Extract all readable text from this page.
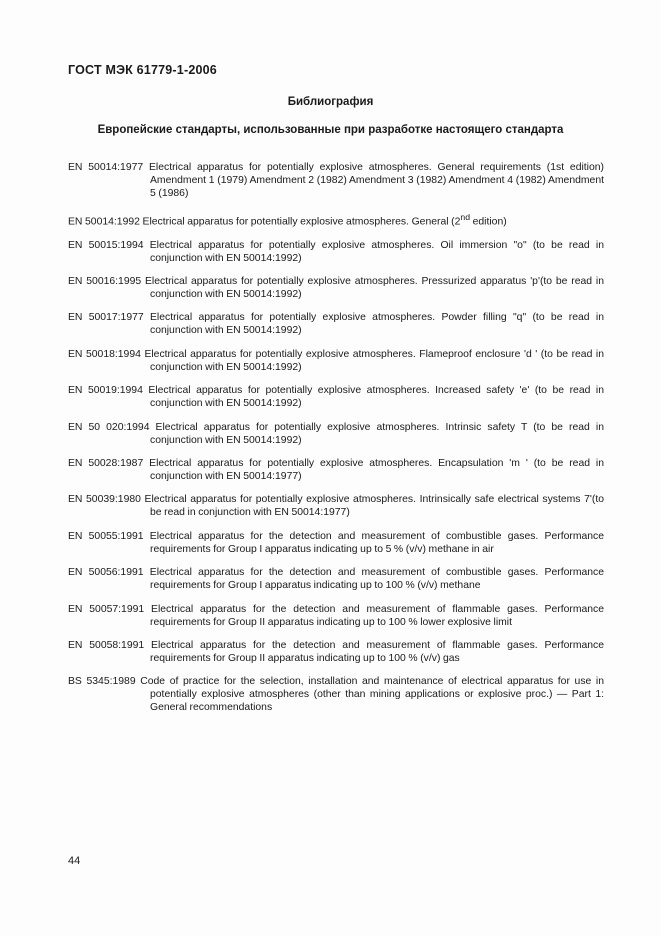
ГОСТ МЭК 61779-1-2006
Библиография
Европейские стандарты, использованные при разработке настоящего стандарта

EN 50014:1977 Electrical apparatus for potentially explosive atmospheres. General requirements (1st edition) Amendment 1 (1979) Amendment 2 (1982) Amendment 3 (1982) Amendment 4 (1982) Amendment 5 (1986)

EN 50014:1992 Electrical apparatus for potentially explosive atmospheres. General (2nd edition)

EN 50015:1994 Electrical apparatus for potentially explosive atmospheres. Oil immersion "o" (to be read in conjunction with EN 50014:1992)

EN 50016:1995 Electrical apparatus for potentially explosive atmospheres. Pressurized apparatus 'p'(to be read in conjunction with EN 50014:1992)

EN 50017:1977 Electrical apparatus for potentially explosive atmospheres. Powder filling "q" (to be read in conjunction with EN 50014:1992)

EN 50018:1994 Electrical apparatus for potentially explosive atmospheres. Flameproof enclosure 'd ' (to be read in conjunction with EN 50014:1992)

EN 50019:1994 Electrical apparatus for potentially explosive atmospheres. Increased safety 'e' (to be read in conjunction with EN 50014:1992)

EN 50 020:1994 Electrical apparatus for potentially explosive atmospheres. Intrinsic safety T (to be read in conjunction with EN 50014:1992)

EN 50028:1987 Electrical apparatus for potentially explosive atmospheres. Encapsulation 'm ' (to be read in conjunction with EN 50014:1977)

EN 50039:1980 Electrical apparatus for potentially explosive atmospheres. Intrinsically safe electrical systems 7'(to be read in conjunction with EN 50014:1977)

EN 50055:1991 Electrical apparatus for the detection and measurement of combustible gases. Performance requirements for Group I apparatus indicating up to 5 % (v/v) methane in air

EN 50056:1991 Electrical apparatus for the detection and measurement of combustible gases. Performance requirements for Group I apparatus indicating up to 100 % (v/v) methane

EN 50057:1991 Electrical apparatus for the detection and measurement of flammable gases. Performance requirements for Group II apparatus indicating up to 100 % lower explosive limit

EN 50058:1991 Electrical apparatus for the detection and measurement of flammable gases. Performance requirements for Group II apparatus indicating up to 100 % (v/v) gas

BS 5345:1989 Code of practice for the selection, installation and maintenance of electrical apparatus for use in potentially explosive atmospheres (other than mining applications or explosive proc.) — Part 1: General recommendations

44
